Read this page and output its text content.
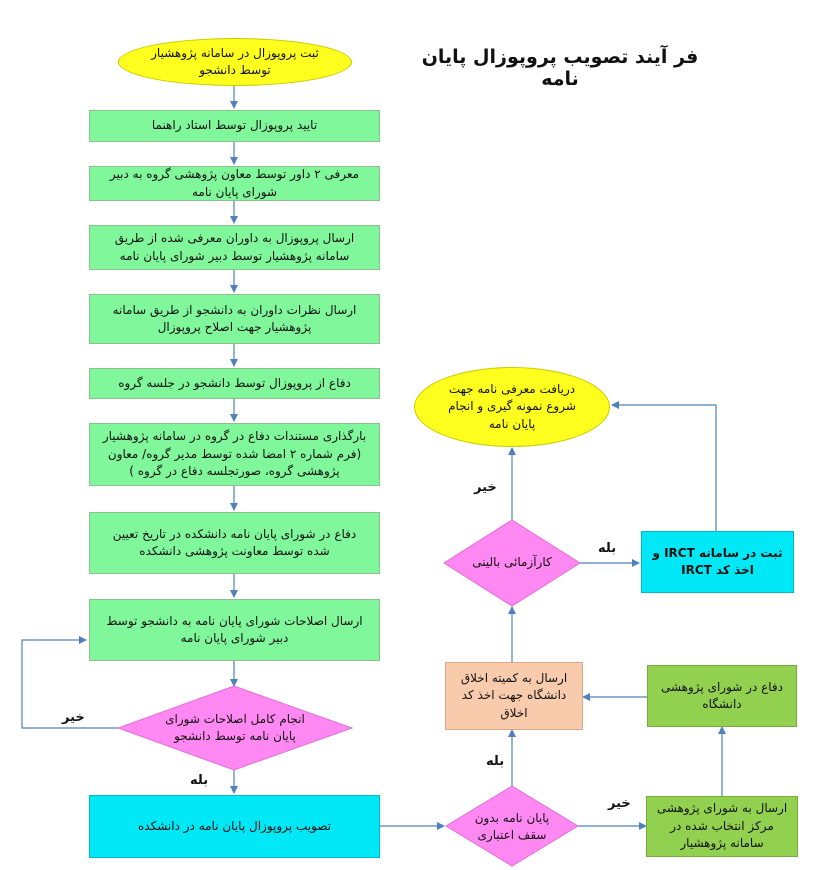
فر آیند تصویب پروپوزال پایان نامه
ثبت پروپوزال در سامانه پژوهشیار توسط دانشجو
تایید پروپوزال توسط استاد راهنما
معرفی ۲ داور توسط معاون پژوهشی گروه به دبیر شورای پایان نامه
ارسال پروپوزال به داوران معرفی شده از طریق سامانه پژوهشیار توسط دبیر شورای پایان نامه
ارسال نظرات داوران به دانشجو از طریق سامانه پژوهشیار جهت اصلاح پروپوزال
دفاع از پروپوزال توسط دانشجو در جلسه گروه
بارگذاری مستندات دفاع در گروه در سامانه پژوهشیار (فرم شماره ۲ امضا شده توسط مدیر گروه/ معاون پژوهشی گروه، صورتجلسه دفاع در گروه )
دفاع در شورای پایان نامه دانشکده در تاریخ تعیین شده توسط معاونت پژوهشی دانشکده
ارسال اصلاحات شورای پایان نامه به دانشجو توسط دبیر شورای پایان نامه
انجام کامل اصلاحات شورای پایان نامه توسط دانشجو
تصویب پروپوزال پایان نامه در دانشکده
پایان نامه بدون سقف اعتباری
ارسال به شورای پژوهشی مرکز انتخاب شده در سامانه پژوهشیار
دفاع در شورای پژوهشی دانشگاه
ارسال به کمیته اخلاق دانشگاه جهت اخذ کد اخلاق
کارآزمائی بالینی
ثبت در سامانه IRCT و اخذ کد IRCT
دریافت معرفی نامه جهت شروع نمونه گیری و انجام پایان نامه
خیر
بله
بله
خیر
خیر
بله
